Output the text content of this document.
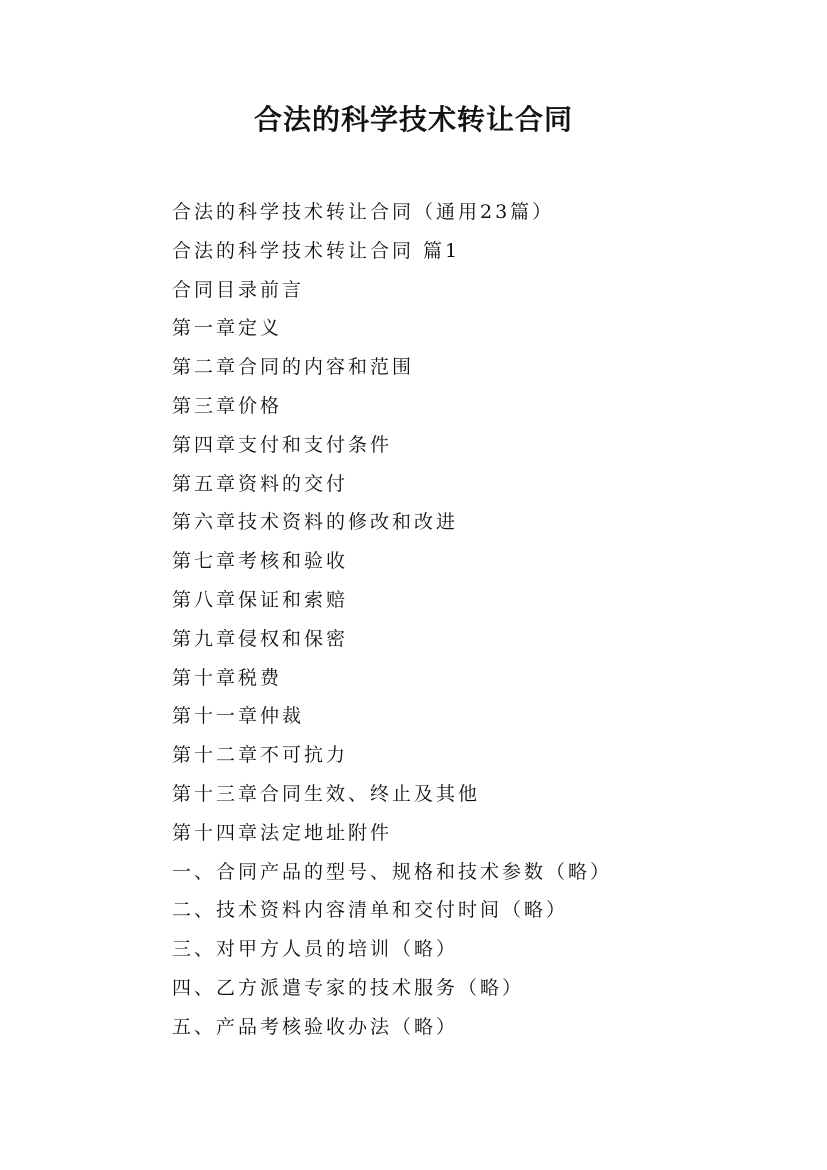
合法的科学技术转让合同
合法的科学技术转让合同（通用23篇）
合法的科学技术转让合同 篇1
合同目录前言
第一章定义
第二章合同的内容和范围
第三章价格
第四章支付和支付条件
第五章资料的交付
第六章技术资料的修改和改进
第七章考核和验收
第八章保证和索赔
第九章侵权和保密
第十章税费
第十一章仲裁
第十二章不可抗力
第十三章合同生效、终止及其他
第十四章法定地址附件
一、合同产品的型号、规格和技术参数（略）
二、技术资料内容清单和交付时间（略）
三、对甲方人员的培训（略）
四、乙方派遣专家的技术服务（略）
五、产品考核验收办法（略）
